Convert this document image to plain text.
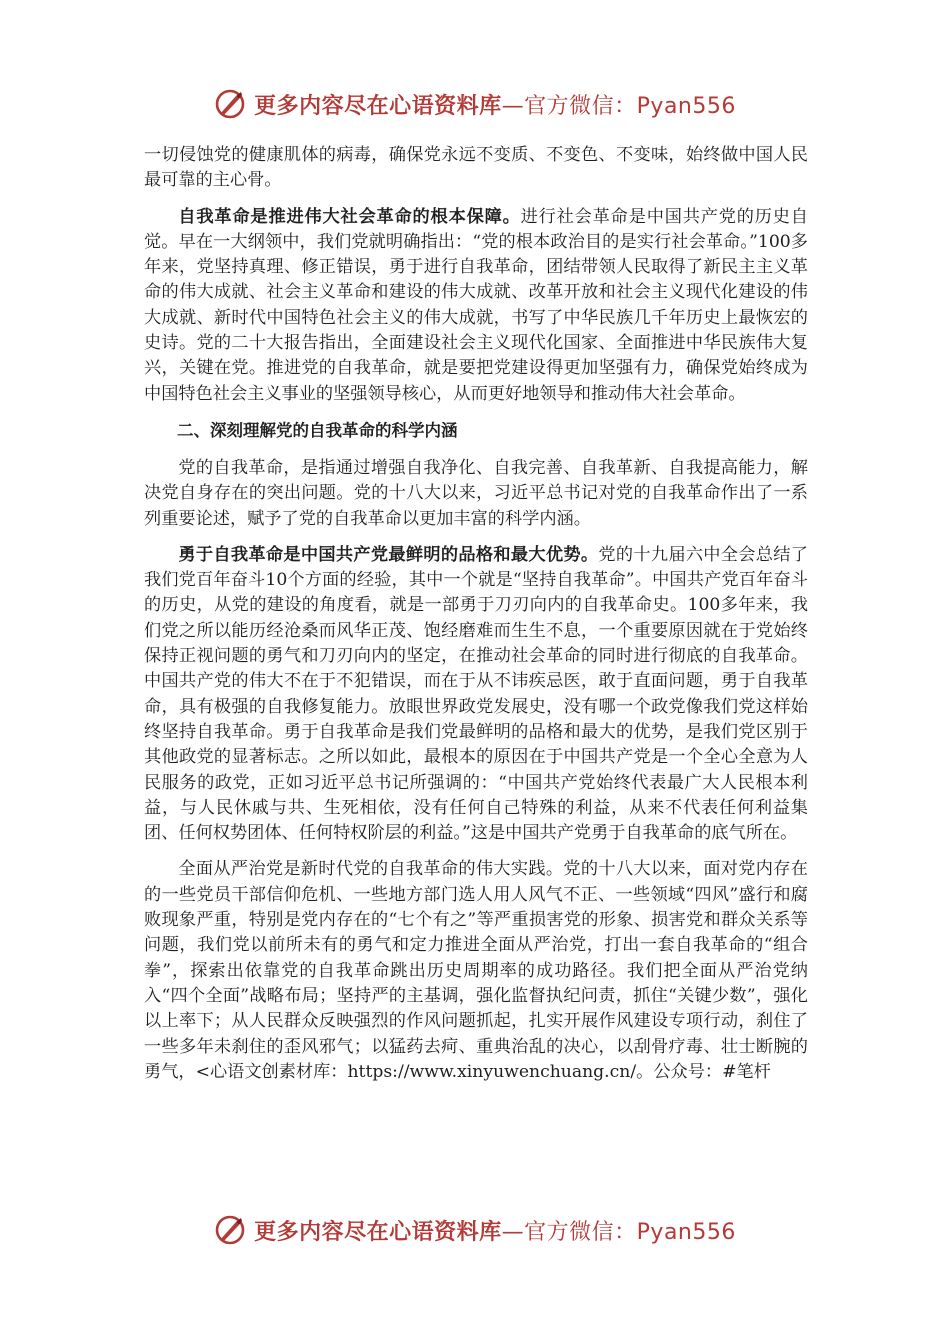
更多内容尽在心语资料库—官方微信：Pyan556

一切侵蚀党的健康肌体的病毒，确保党永远不变质、不变色、不变味，始终做中国人民最可靠的主心骨。

自我革命是推进伟大社会革命的根本保障。进行社会革命是中国共产党的历史自觉。早在一大纲领中，我们党就明确指出：“党的根本政治目的是实行社会革命。”100多年来，党坚持真理、修正错误，勇于进行自我革命，团结带领人民取得了新民主主义革命的伟大成就、社会主义革命和建设的伟大成就、改革开放和社会主义现代化建设的伟大成就、新时代中国特色社会主义的伟大成就，书写了中华民族几千年历史上最恢宏的史诗。党的二十大报告指出，全面建设社会主义现代化国家、全面推进中华民族伟大复兴，关键在党。推进党的自我革命，就是要把党建设得更加坚强有力，确保党始终成为中国特色社会主义事业的坚强领导核心，从而更好地领导和推动伟大社会革命。

二、深刻理解党的自我革命的科学内涵

党的自我革命，是指通过增强自我净化、自我完善、自我革新、自我提高能力，解决党自身存在的突出问题。党的十八大以来，习近平总书记对党的自我革命作出了一系列重要论述，赋予了党的自我革命以更加丰富的科学内涵。

勇于自我革命是中国共产党最鲜明的品格和最大优势。党的十九届六中全会总结了我们党百年奋斗10个方面的经验，其中一个就是“坚持自我革命”。中国共产党百年奋斗的历史，从党的建设的角度看，就是一部勇于刀刃向内的自我革命史。100多年来，我们党之所以能历经沧桑而风华正茂、饱经磨难而生生不息，一个重要原因就在于党始终保持正视问题的勇气和刀刃向内的坚定，在推动社会革命的同时进行彻底的自我革命。中国共产党的伟大不在于不犯错误，而在于从不讳疾忌医，敢于直面问题，勇于自我革命，具有极强的自我修复能力。放眼世界政党发展史，没有哪一个政党像我们党这样始终坚持自我革命。勇于自我革命是我们党最鲜明的品格和最大的优势，是我们党区别于其他政党的显著标志。之所以如此，最根本的原因在于中国共产党是一个全心全意为人民服务的政党，正如习近平总书记所强调的：“中国共产党始终代表最广大人民根本利益，与人民休戚与共、生死相依，没有任何自己特殊的利益，从来不代表任何利益集团、任何权势团体、任何特权阶层的利益。”这是中国共产党勇于自我革命的底气所在。

全面从严治党是新时代党的自我革命的伟大实践。党的十八大以来，面对党内存在的一些党员干部信仰危机、一些地方部门选人用人风气不正、一些领域“四风”盛行和腐败现象严重，特别是党内存在的“七个有之”等严重损害党的形象、损害党和群众关系等问题，我们党以前所未有的勇气和定力推进全面从严治党，打出一套自我革命的“组合拳”，探索出依靠党的自我革命跳出历史周期率的成功路径。我们把全面从严治党纳入“四个全面”战略布局；坚持严的主基调，强化监督执纪问责，抓住“关键少数”，强化以上率下；从人民群众反映强烈的作风问题抓起，扎实开展作风建设专项行动，刹住了一些多年未刹住的歪风邪气；以猛药去疴、重典治乱的决心，以刮骨疗毒、壮士断腕的勇气，<心语文创素材库：https://www.xinyuwenchuang.cn/。公众号：#笔杆

更多内容尽在心语资料库—官方微信：Pyan556
